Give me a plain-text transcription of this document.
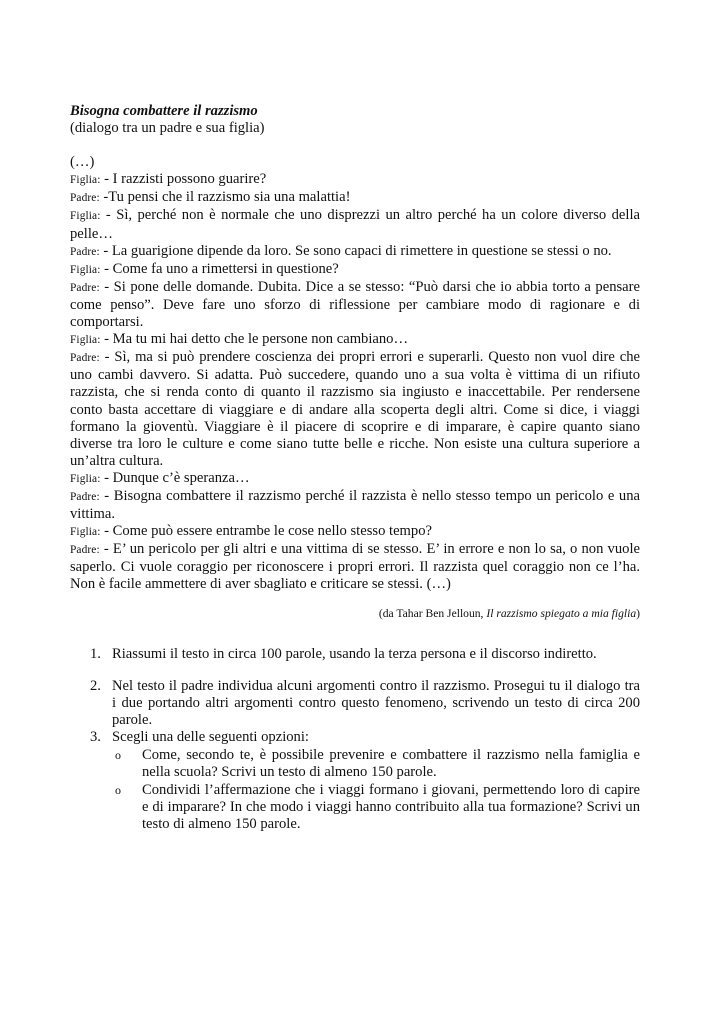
Bisogna combattere il razzismo
(dialogo tra un padre e sua figlia)
(…)
Figlia: - I razzisti possono guarire?
Padre: -Tu pensi che il razzismo sia una malattia!
Figlia: - Sì, perché non è normale che uno disprezzi un altro perché ha un colore diverso della pelle…
Padre: - La guarigione dipende da loro. Se sono capaci di rimettere in questione se stessi o no.
Figlia: - Come fa uno a rimettersi in questione?
Padre: - Si pone delle domande. Dubita. Dice a se stesso: “Può darsi che io abbia torto a pensare come penso”. Deve fare uno sforzo di riflessione per cambiare modo di ragionare e di comportarsi.
Figlia: - Ma tu mi hai detto che le persone non cambiano…
Padre: - Sì, ma si può prendere coscienza dei propri errori e superarli. Questo non vuol dire che uno cambi davvero. Si adatta. Può succedere, quando uno a sua volta è vittima di un rifiuto razzista, che si renda conto di quanto il razzismo sia ingiusto e inaccettabile. Per rendersene conto basta accettare di viaggiare e di andare alla scoperta degli altri. Come si dice, i viaggi formano la gioventù. Viaggiare è il piacere di scoprire e di imparare, è capire quanto siano diverse tra loro le culture e come siano tutte belle e ricche. Non esiste una cultura superiore a un’altra cultura.
Figlia: - Dunque c’è speranza…
Padre: - Bisogna combattere il razzismo perché il razzista è nello stesso tempo un pericolo e una vittima.
Figlia: - Come può essere entrambe le cose nello stesso tempo?
Padre: - E’ un pericolo per gli altri e una vittima di se stesso. E’ in errore e non lo sa, o non vuole saperlo. Ci vuole coraggio per riconoscere i propri errori. Il razzista quel coraggio non ce l’ha. Non è facile ammettere di aver sbagliato e criticare se stessi. (…)
(da Tahar Ben Jelloun, Il razzismo spiegato a mia figlia)
1. Riassumi il testo in circa 100 parole, usando la terza persona e il discorso indiretto.
2. Nel testo il padre individua alcuni argomenti contro il razzismo. Prosegui tu il dialogo tra i due portando altri argomenti contro questo fenomeno, scrivendo un testo di circa 200 parole.
3. Scegli una delle seguenti opzioni:
o Come, secondo te, è possibile prevenire e combattere il razzismo nella famiglia e nella scuola? Scrivi un testo di almeno 150 parole.
o Condividi l’affermazione che i viaggi formano i giovani, permettendo loro di capire e di imparare? In che modo i viaggi hanno contribuito alla tua formazione? Scrivi un testo di almeno 150 parole.
